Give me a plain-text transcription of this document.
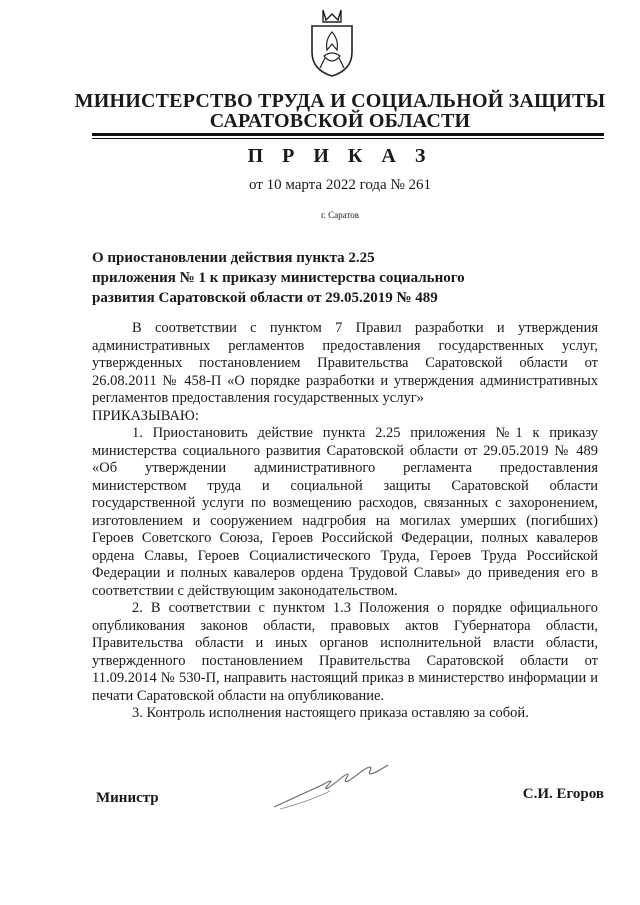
МИНИСТЕРСТВО ТРУДА И СОЦИАЛЬНОЙ ЗАЩИТЫ
САРАТОВСКОЙ ОБЛАСТИ
П Р И К А З
от 10 марта 2022 года № 261
г. Саратов
О приостановлении действия пункта 2.25
приложения № 1 к приказу министерства социального
развития Саратовской области от 29.05.2019 № 489

В соответствии с пунктом 7 Правил разработки и утверждения административных регламентов предоставления государственных услуг, утвержденных постановлением Правительства Саратовской области от 26.08.2011 № 458-П «О порядке разработки и утверждения административных регламентов предоставления государственных услуг»

ПРИКАЗЫВАЮ:

1. Приостановить действие пункта 2.25 приложения №1 к приказу министерства социального развития Саратовской области от 29.05.2019 № 489 «Об утверждении административного регламента предоставления министерством труда и социальной защиты Саратовской области государственной услуги по возмещению расходов, связанных с захоронением, изготовлением и сооружением надгробия на могилах умерших (погибших) Героев Советского Союза, Героев Российской Федерации, полных кавалеров ордена Славы, Героев Социалистического Труда, Героев Труда Российской Федерации и полных кавалеров ордена Трудовой Славы» до приведения его в соответствии с действующим законодательством.

2. В соответствии с пунктом 1.3 Положения о порядке официального опубликования законов области, правовых актов Губернатора области, Правительства области и иных органов исполнительной власти области, утвержденного постановлением Правительства Саратовской области от 11.09.2014 № 530-П, направить настоящий приказ в министерство информации и печати Саратовской области на опубликование.

3. Контроль исполнения настоящего приказа оставляю за собой.

Министр	С.И. Егоров
